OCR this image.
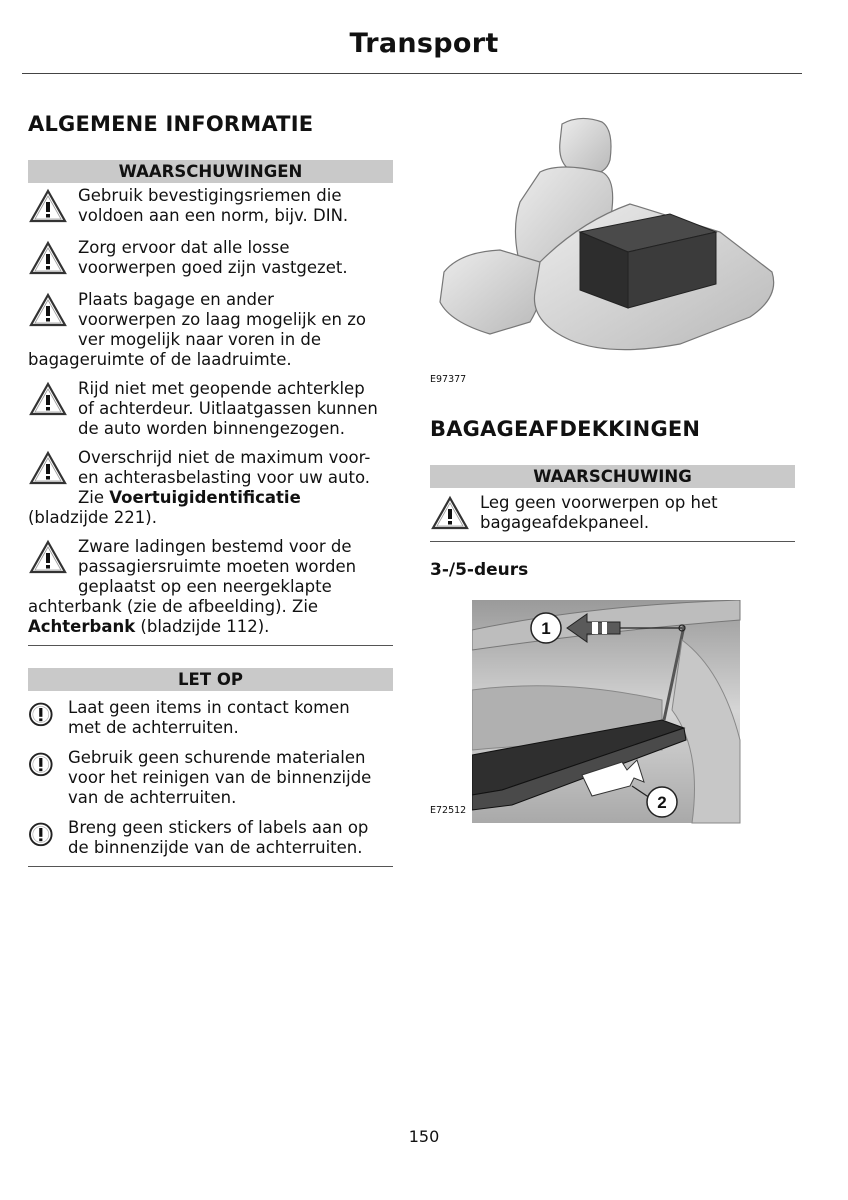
Transport
ALGEMENE INFORMATIE
WAARSCHUWINGEN
Gebruik bevestigingsriemen die
voldoen aan een norm, bijv. DIN.
Zorg ervoor dat alle losse
voorwerpen goed zijn vastgezet.
Plaats bagage en ander
voorwerpen zo laag mogelijk en zo
ver mogelijk naar voren in de
bagageruimte of de laadruimte.
Rijd niet met geopende achterklep
of achterdeur. Uitlaatgassen kunnen
de auto worden binnengezogen.
Overschrijd niet de maximum voor-
en achterasbelasting voor uw auto.
Zie Voertuigidentificatie
(bladzijde 221).
Zware ladingen bestemd voor de
passagiersruimte moeten worden
geplaatst op een neergeklapte
achterbank (zie de afbeelding). Zie
Achterbank (bladzijde 112).
LET OP
Laat geen items in contact komen
met de achterruiten.
Gebruik geen schurende materialen
voor het reinigen van de binnenzijde
van de achterruiten.
Breng geen stickers of labels aan op
de binnenzijde van de achterruiten.
E97377
BAGAGEAFDEKKINGEN
WAARSCHUWING
Leg geen voorwerpen op het
bagageafdekpaneel.
3-/5-deurs
1
2
E72512
150
